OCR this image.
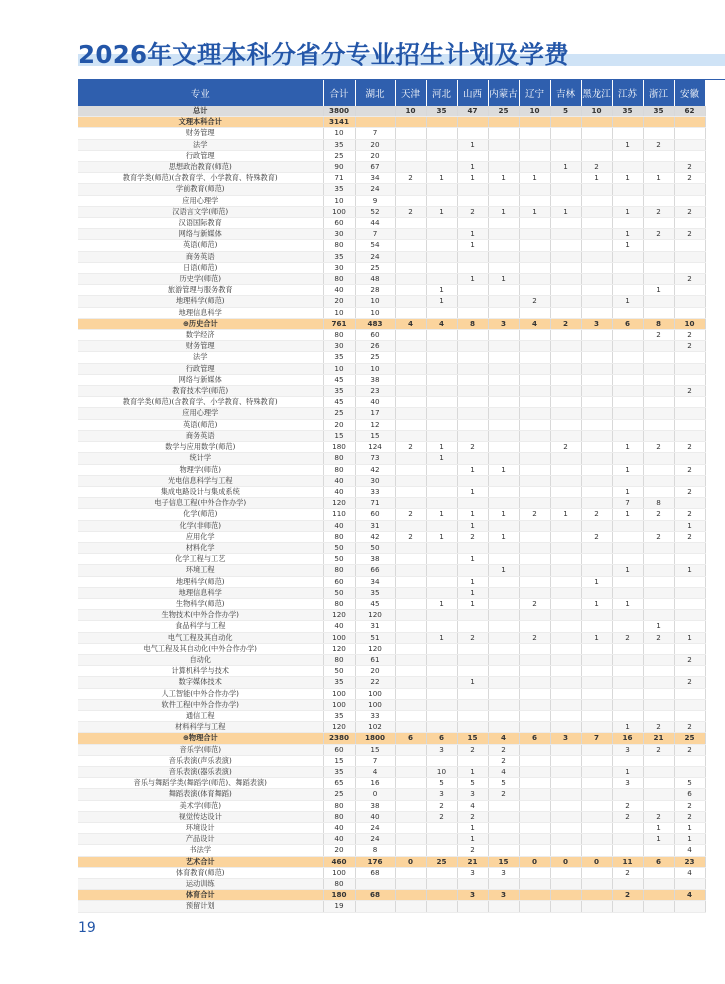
2026年文理本科分省分专业招生计划及学费
专业	合计	湖北	天津	河北	山西	内蒙古	辽宁	吉林	黑龙江	江苏	浙江	安徽
总计	3800		10	35	47	25	10	5	10	35	35	62
文理本科合计	3141											
财务管理	10	7										
法学	35	20			1					1	2	
行政管理	25	20										
思想政治教育(师范)	90	67			1			1	2			2
教育学类(师范)(含教育学、小学教育、特殊教育)	71	34	2	1	1	1	1		1	1	1	2
学前教育(师范)	35	24										
应用心理学	10	9										
汉语言文学(师范)	100	52	2	1	2	1	1	1		1	2	2
汉语国际教育	60	44										
网络与新媒体	30	7			1					1	2	2
英语(师范)	80	54			1					1		
商务英语	35	24										
日语(师范)	30	25										
历史学(师范)	80	48			1	1						2
旅游管理与服务教育	40	28		1							1	
地理科学(师范)	20	10		1			2			1		
地理信息科学	10	10										
⊕历史合计	761	483	4	4	8	3	4	2	3	6	8	10
数学经济	80	60									2	2
财务管理	30	26										2
法学	35	25										
行政管理	10	10										
网络与新媒体	45	38										
教育技术学(师范)	35	23										2
教育学类(师范)(含教育学、小学教育、特殊教育)	45	40										
应用心理学	25	17										
英语(师范)	20	12										
商务英语	15	15										
数学与应用数学(师范)	180	124	2	1	2			2		1	2	2
统计学	80	73		1								
物理学(师范)	80	42			1	1				1		2
光电信息科学与工程	40	30										
集成电路设计与集成系统	40	33			1					1		2
电子信息工程(中外合作办学)	120	71								7	8	
化学(师范)	110	60	2	1	1	1	2	1	2	1	2	2
化学(非师范)	40	31			1							1
应用化学	80	42	2	1	2	1			2		2	2
材料化学	50	50										
化学工程与工艺	50	38			1							
环境工程	80	66				1				1		1
地理科学(师范)	60	34			1				1			
地理信息科学	50	35			1							
生物科学(师范)	80	45		1	1		2		1	1		
生物技术(中外合作办学)	120	120										
食品科学与工程	40	31									1	
电气工程及其自动化	100	51		1	2		2		1	2	2	1
电气工程及其自动化(中外合作办学)	120	120										
自动化	80	61										2
计算机科学与技术	50	20										
数字媒体技术	35	22			1							2
人工智能(中外合作办学)	100	100										
软件工程(中外合作办学)	100	100										
通信工程	35	33										
材料科学与工程	120	102								1	2	2
⊕物理合计	2380	1800	6	6	15	4	6	3	7	16	21	25
音乐学(师范)	60	15		3	2	2				3	2	2
音乐表演(声乐表演)	15	7				2						
音乐表演(器乐表演)	35	4		10	1	4				1		
音乐与舞蹈学类(舞蹈学(师范)、舞蹈表演)	65	16		5	5	5				3		5
舞蹈表演(体育舞蹈)	25	0		3	3	2						6
美术学(师范)	80	38		2	4					2		2
视觉传达设计	80	40		2	2					2	2	2
环境设计	40	24			1						1	1
产品设计	40	24			1						1	1
书法学	20	8			2							4
艺术合计	460	176	0	25	21	15	0	0	0	11	6	23
体育教育(师范)	100	68			3	3				2		4
运动训练	80											
体育合计	180	68			3	3				2		4
预留计划	19											
19
